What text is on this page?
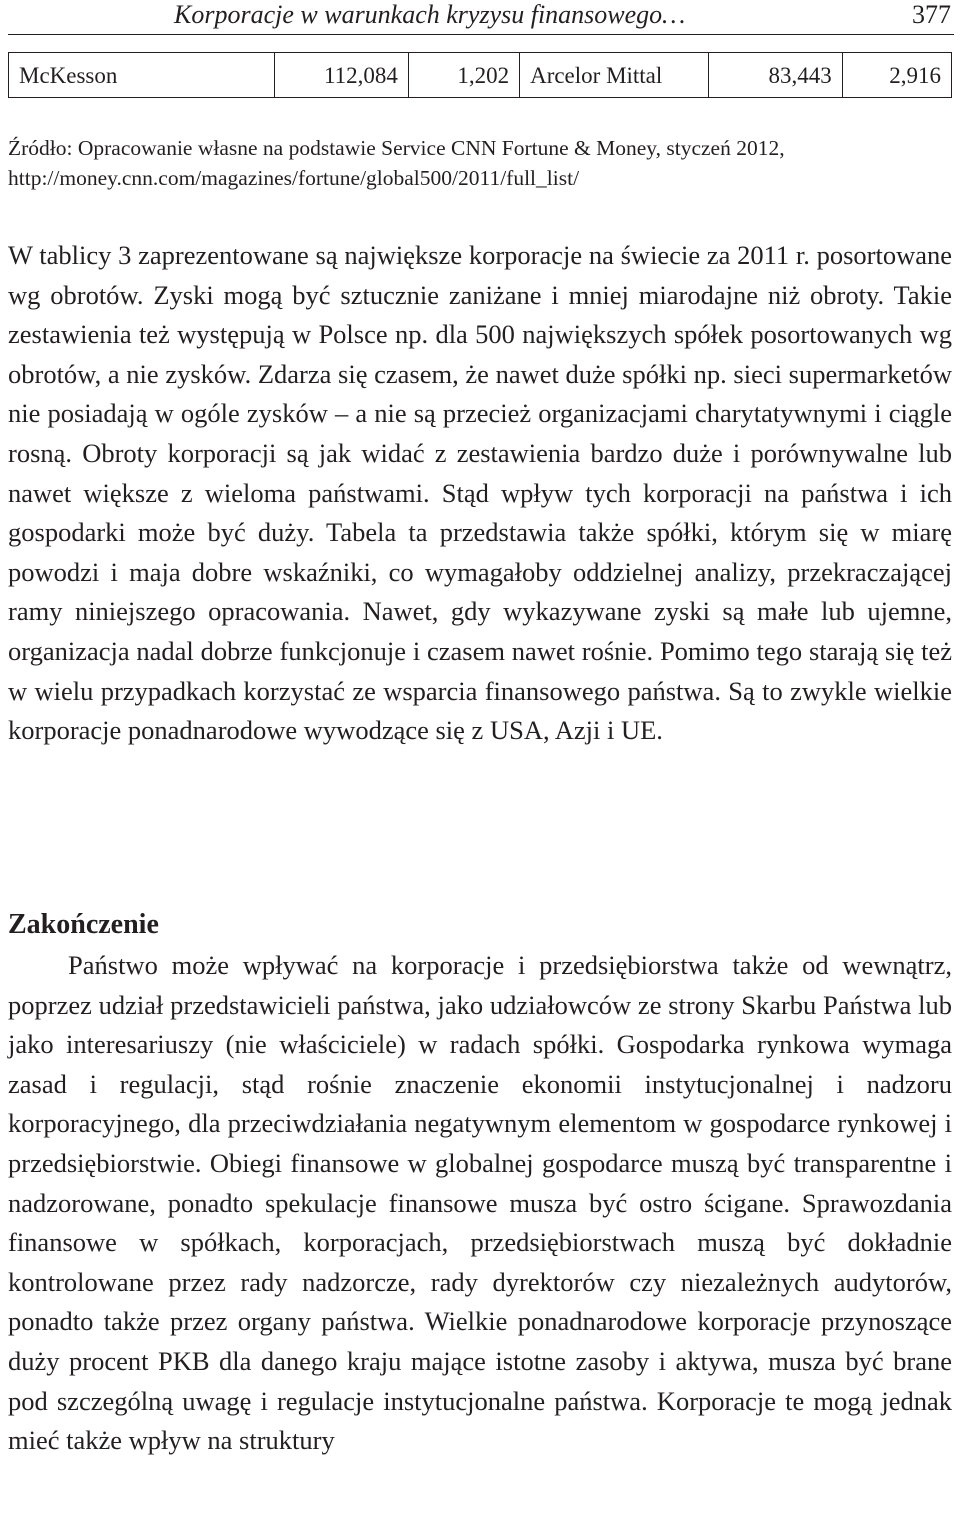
Korporacje w warunkach kryzysu finansowego…	377
McKesson	112,084	1,202	Arcelor Mittal	83,443	2,916
Źródło: Opracowanie własne na podstawie Service CNN Fortune & Money, styczeń 2012, http://money.cnn.com/magazines/fortune/global500/2011/full_list/
W tablicy 3 zaprezentowane są największe korporacje na świecie za 2011 r. posortowane wg obrotów. Zyski mogą być sztucznie zaniżane i mniej miarodajne niż obroty. Takie zestawienia też występują w Polsce np. dla 500 największych spółek posortowanych wg obrotów, a nie zysków. Zdarza się czasem, że nawet duże spółki np. sieci supermarketów nie posiadają w ogóle zysków – a nie są przecież organizacjami charytatywnymi i ciągle rosną. Obroty korporacji są jak widać z zestawienia bardzo duże i porównywalne lub nawet większe z wieloma państwami. Stąd wpływ tych korporacji na państwa i ich gospodarki może być duży. Tabela ta przedstawia także spółki, którym się w miarę powodzi i maja dobre wskaźniki, co wymagałoby oddzielnej analizy, przekraczającej ramy niniejszego opracowania. Nawet, gdy wykazywane zyski są małe lub ujemne, organizacja nadal dobrze funkcjonuje i czasem nawet rośnie. Pomimo tego starają się też w wielu przypadkach korzystać ze wsparcia finansowego państwa. Są to zwykle wielkie korporacje ponadnarodowe wywodzące się z USA, Azji i UE.
Zakończenie
Państwo może wpływać na korporacje i przedsiębiorstwa także od wewnątrz, poprzez udział przedstawicieli państwa, jako udziałowców ze strony Skarbu Państwa lub jako interesariuszy (nie właściciele) w radach spółki. Gospodarka rynkowa wymaga zasad i regulacji, stąd rośnie znaczenie ekonomii instytucjonalnej i nadzoru korporacyjnego, dla przeciwdziałania negatywnym elementom w gospodarce rynkowej i przedsiębiorstwie. Obiegi finansowe w globalnej gospodarce muszą być transparentne i nadzorowane, ponadto spekulacje finansowe musza być ostro ścigane. Sprawozdania finansowe w spółkach, korporacjach, przedsiębiorstwach muszą być dokładnie kontrolowane przez rady nadzorcze, rady dyrektorów czy niezależnych audytorów, ponadto także przez organy państwa. Wielkie ponadnarodowe korporacje przynoszące duży procent PKB dla danego kraju mające istotne zasoby i aktywa, musza być brane pod szczególną uwagę i regulacje instytucjonalne państwa. Korporacje te mogą jednak mieć także wpływ na struktury
